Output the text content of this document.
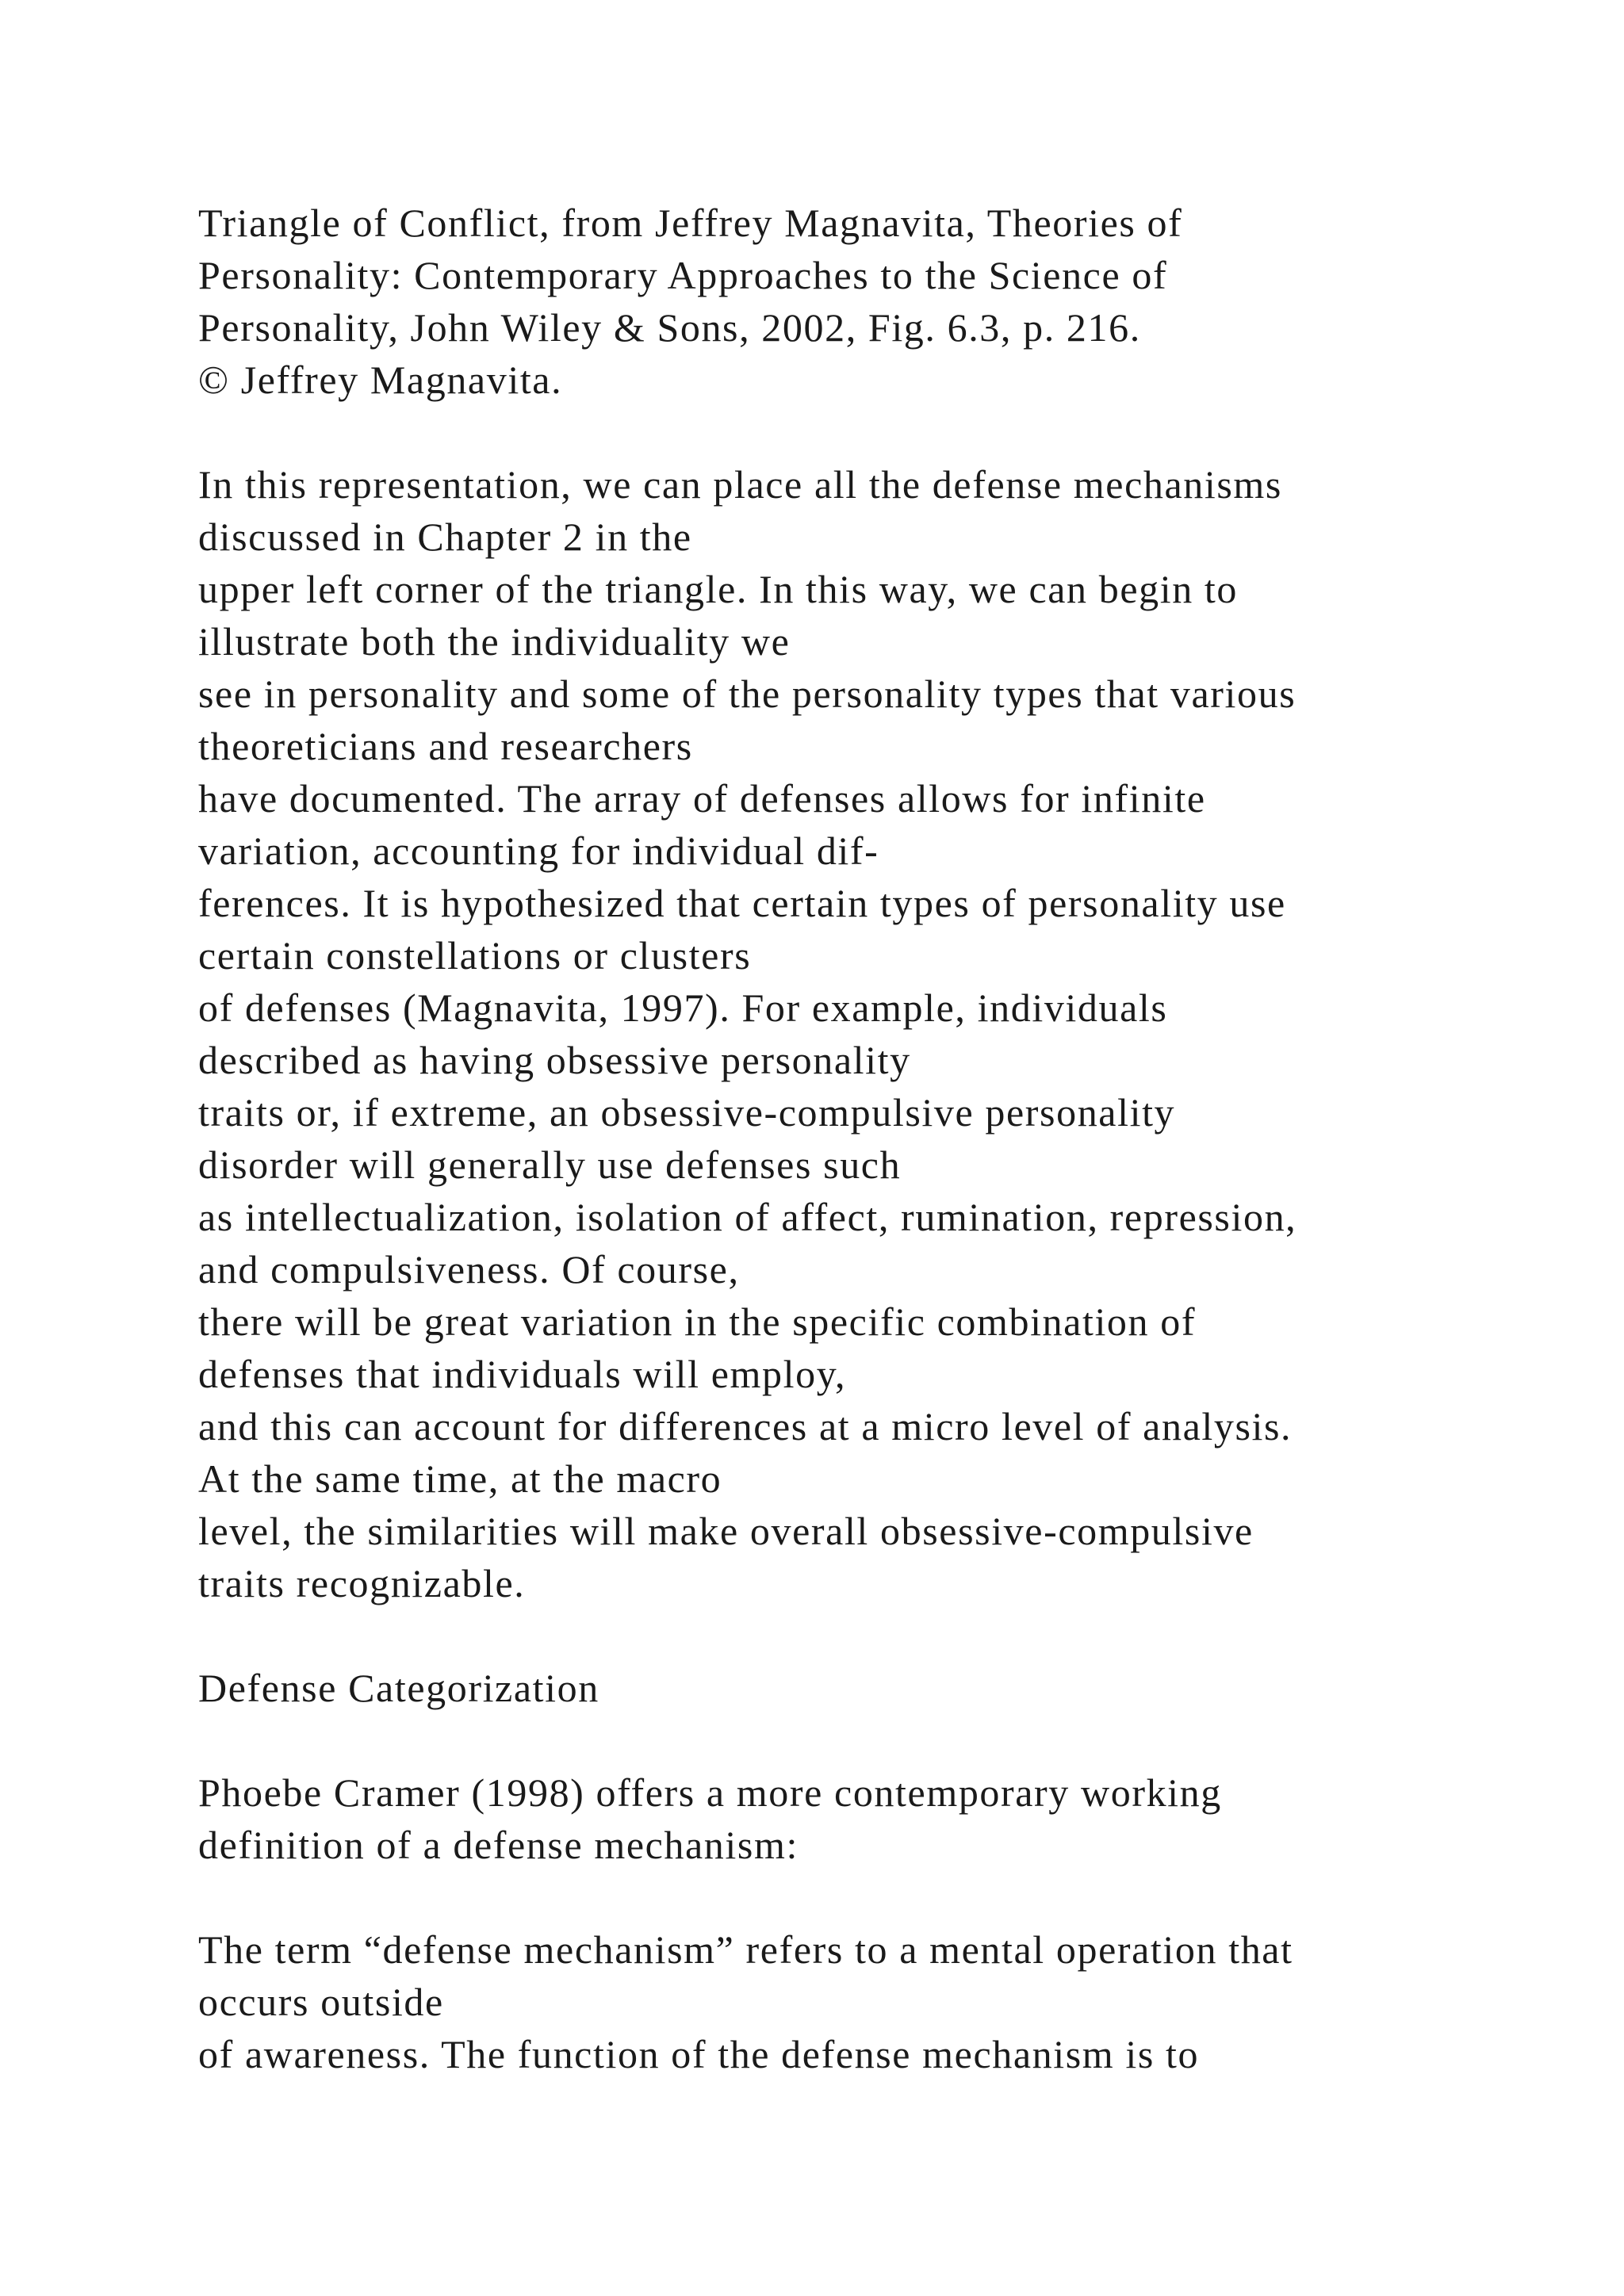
Triangle of Conflict, from Jeffrey Magnavita, Theories of
Personality: Contemporary Approaches to the Science of
Personality, John Wiley & Sons, 2002, Fig. 6.3, p. 216.
© Jeffrey Magnavita.
In this representation, we can place all the defense mechanisms
discussed in Chapter 2 in the
upper left corner of the triangle. In this way, we can begin to
illustrate both the individuality we
see in personality and some of the personality types that various
theoreticians and researchers
have documented. The array of defenses allows for infinite
variation, accounting for individual dif-
ferences. It is hypothesized that certain types of personality use
certain constellations or clusters
of defenses (Magnavita, 1997). For example, individuals
described as having obsessive personality
traits or, if extreme, an obsessive-compulsive personality
disorder will generally use defenses such
as intellectualization, isolation of affect, rumination, repression,
and compulsiveness. Of course,
there will be great variation in the specific combination of
defenses that individuals will employ,
and this can account for differences at a micro level of analysis.
At the same time, at the macro
level, the similarities will make overall obsessive-compulsive
traits recognizable.
Defense Categorization
Phoebe Cramer (1998) offers a more contemporary working
definition of a defense mechanism:
The term “defense mechanism” refers to a mental operation that
occurs outside
of awareness. The function of the defense mechanism is to
